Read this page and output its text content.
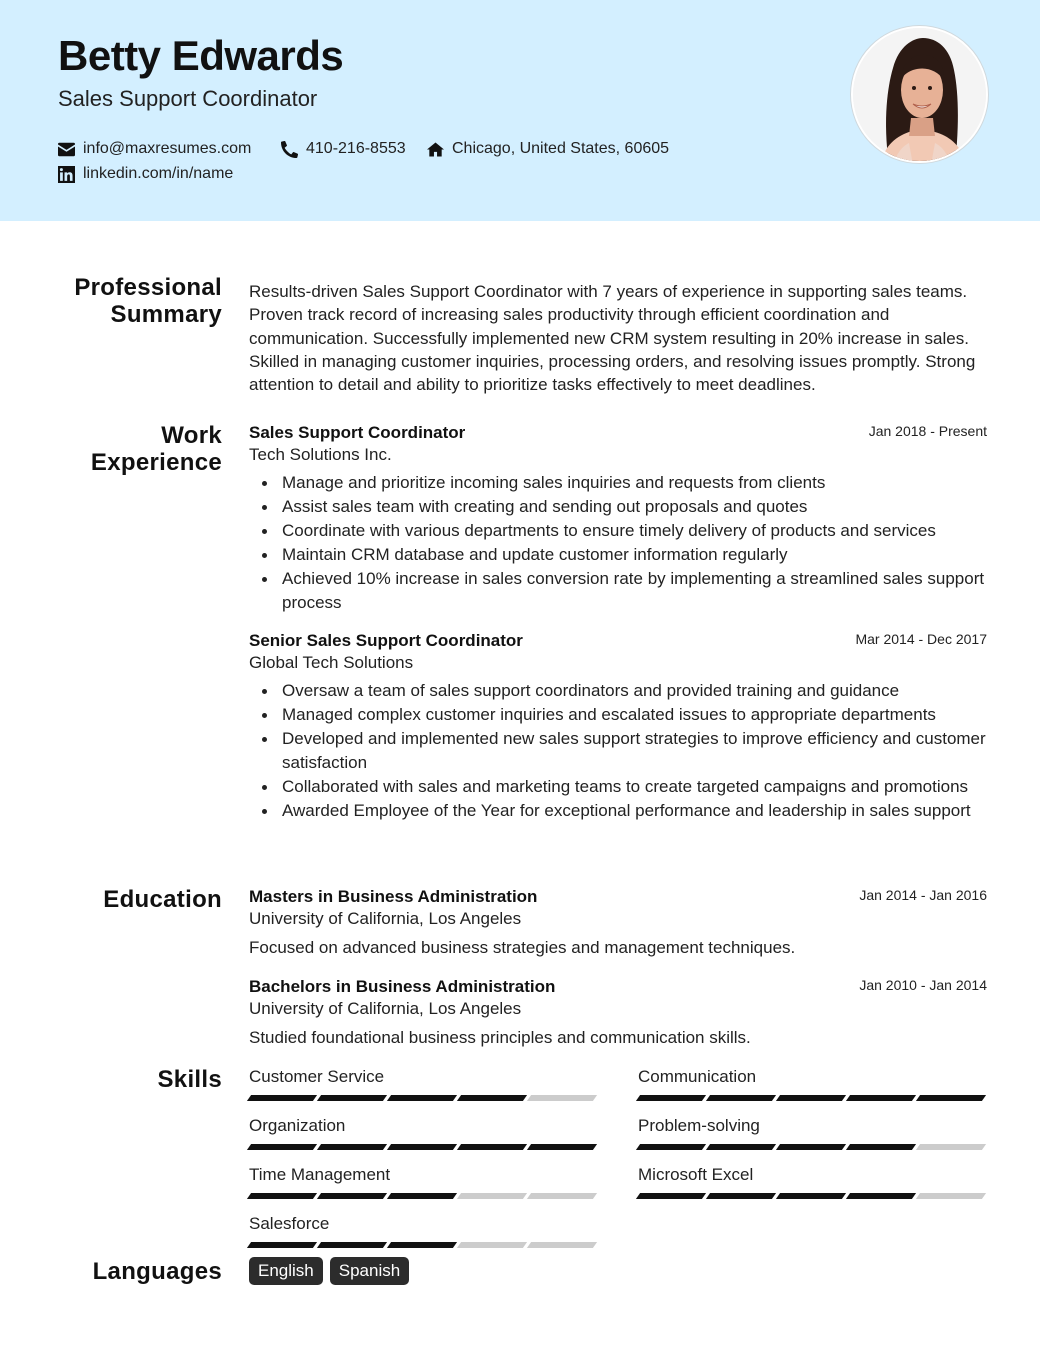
Betty Edwards
Sales Support Coordinator
info@maxresumes.com	410-216-8553	Chicago, United States, 60605
linkedin.com/in/name
Professional
Summary
Results-driven Sales Support Coordinator with 7 years of experience in supporting sales teams. Proven track record of increasing sales productivity through efficient coordination and communication. Successfully implemented new CRM system resulting in 20% increase in sales. Skilled in managing customer inquiries, processing orders, and resolving issues promptly. Strong attention to detail and ability to prioritize tasks effectively to meet deadlines.
Work
Experience
Sales Support Coordinator
Tech Solutions Inc.
Jan 2018 - Present
Manage and prioritize incoming sales inquiries and requests from clients
Assist sales team with creating and sending out proposals and quotes
Coordinate with various departments to ensure timely delivery of products and services
Maintain CRM database and update customer information regularly
Achieved 10% increase in sales conversion rate by implementing a streamlined sales support process
Senior Sales Support Coordinator
Global Tech Solutions
Mar 2014 - Dec 2017
Oversaw a team of sales support coordinators and provided training and guidance
Managed complex customer inquiries and escalated issues to appropriate departments
Developed and implemented new sales support strategies to improve efficiency and customer satisfaction
Collaborated with sales and marketing teams to create targeted campaigns and promotions
Awarded Employee of the Year for exceptional performance and leadership in sales support
Education Masters in Business Administration
University of California, Los Angeles
Jan 2014 - Jan 2016
Focused on advanced business strategies and management techniques.
Bachelors in Business Administration
University of California, Los Angeles
Jan 2010 - Jan 2014
Studied foundational business principles and communication skills.
Skills Customer Service	Communication
Organization	Problem-solving
Time Management	Microsoft Excel
Salesforce
Languages	English	Spanish
